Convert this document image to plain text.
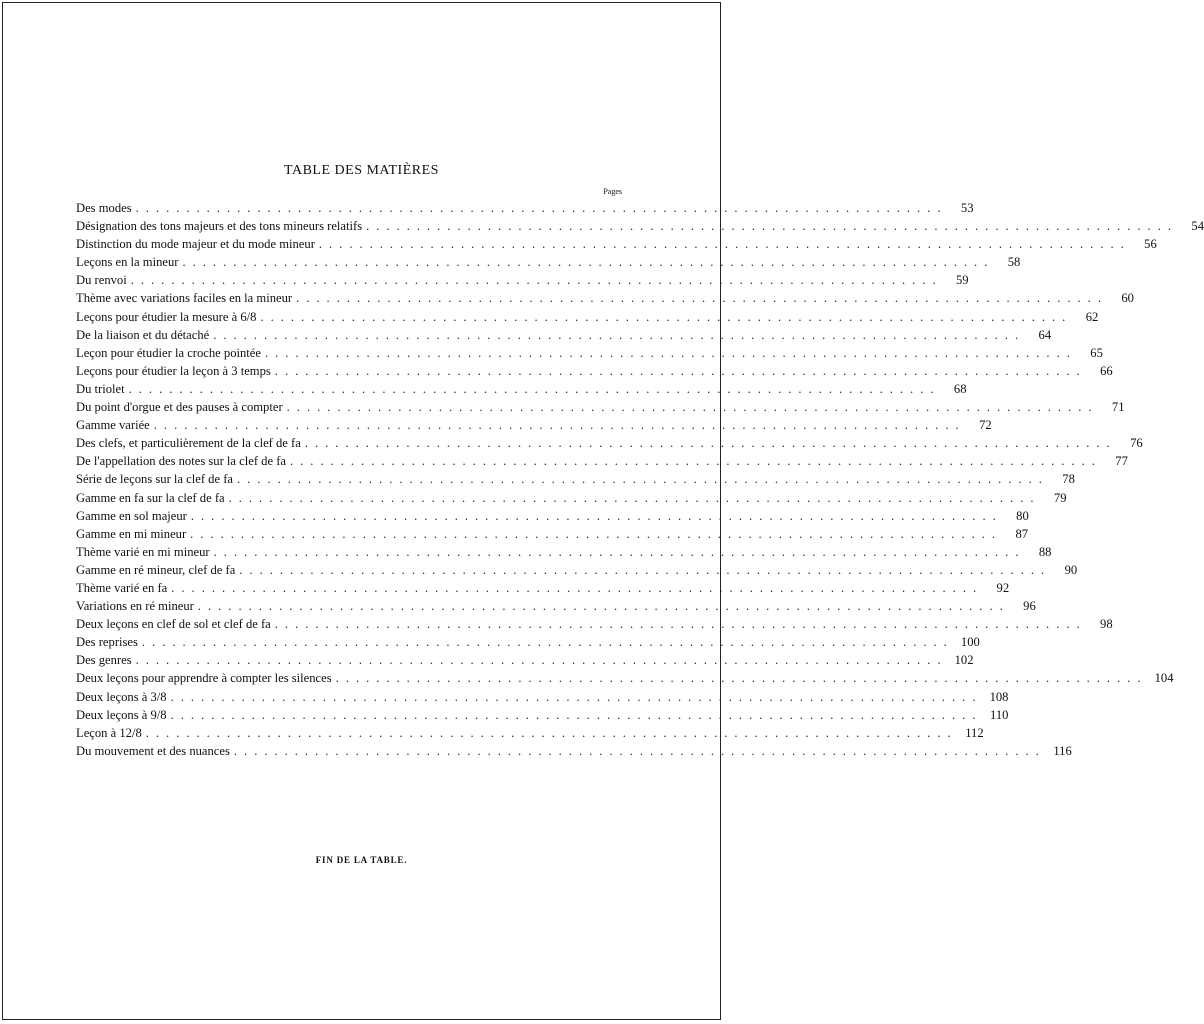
TABLE DES MATIÈRES
Pages
Des modes ................................................................................	53
Désignation des tons majeurs et des tons mineurs relatifs ................................................................................	54
Distinction du mode majeur et du mode mineur ................................................................................	56
Leçons en la mineur ................................................................................	58
Du renvoi ................................................................................	59
Thème avec variations faciles en la mineur ................................................................................	60
Leçons pour étudier la mesure à 6/8 ................................................................................	62
De la liaison et du détaché ................................................................................	64
Leçon pour étudier la croche pointée ................................................................................	65
Leçons pour étudier la leçon à 3 temps ................................................................................	66
Du triolet ................................................................................	68
Du point d'orgue et des pauses à compter ................................................................................	71
Gamme variée ................................................................................	72
Des clefs, et particulièrement de la clef de fa ................................................................................	76
De l'appellation des notes sur la clef de fa ................................................................................	77
Série de leçons sur la clef de fa ................................................................................	78
Gamme en fa sur la clef de fa ................................................................................	79
Gamme en sol majeur ................................................................................	80
Gamme en mi mineur ................................................................................	87
Thème varié en mi mineur ................................................................................	88
Gamme en ré mineur, clef de fa ................................................................................	90
Thème varié en fa ................................................................................	92
Variations en ré mineur ................................................................................	96
Deux leçons en clef de sol et clef de fa ................................................................................	98
Des reprises ................................................................................ 100
Des genres ................................................................................ 102
Deux leçons pour apprendre à compter les silences ................................................................................ 104
Deux leçons à 3/8 ................................................................................ 108
Deux leçons à 9/8 ................................................................................ 110
Leçon à 12/8 ................................................................................ 112
Du mouvement et des nuances ................................................................................ 116
FIN DE LA TABLE.
